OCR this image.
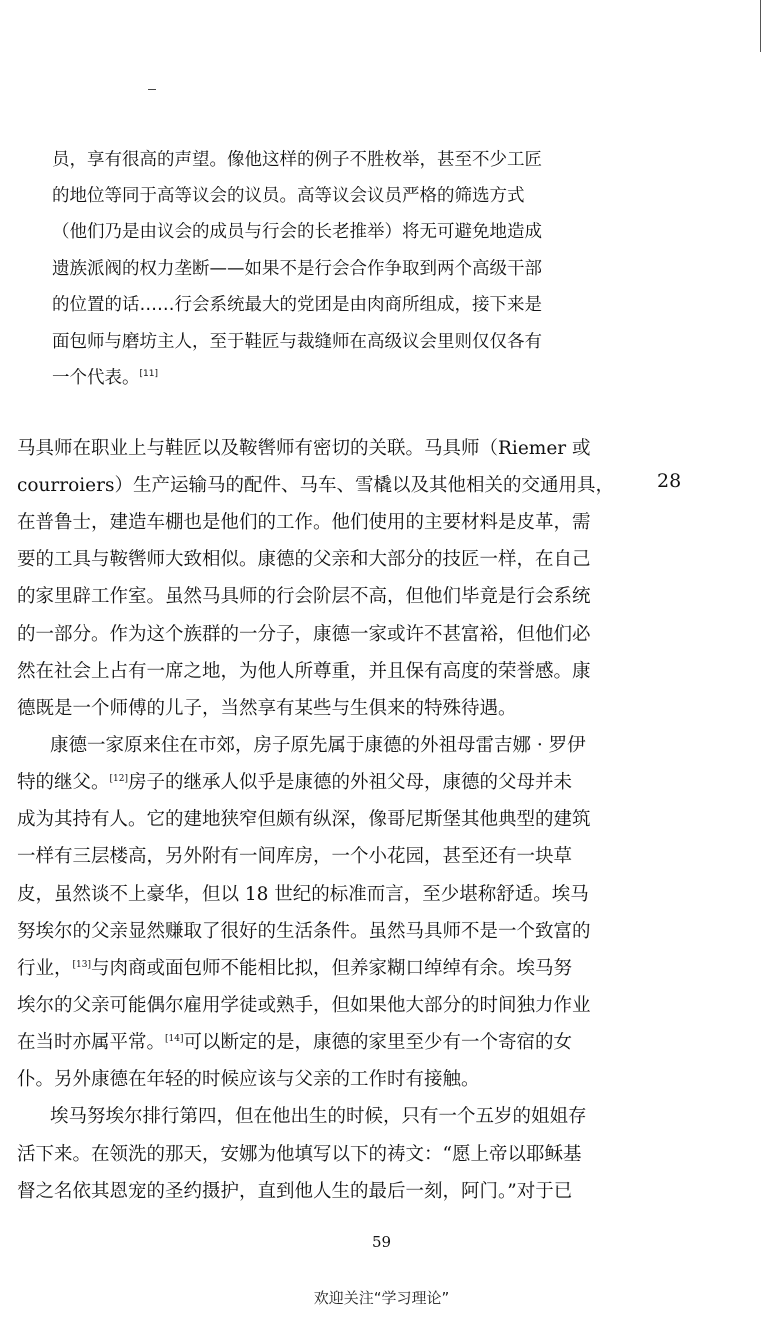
员，享有很高的声望。像他这样的例子不胜枚举，甚至不少工匠
的地位等同于高等议会的议员。高等议会议员严格的筛选方式
（他们乃是由议会的成员与行会的长老推举）将无可避免地造成
遗族派阀的权力垄断——如果不是行会合作争取到两个高级干部
的位置的话……行会系统最大的党团是由肉商所组成，接下来是
面包师与磨坊主人，至于鞋匠与裁缝师在高级议会里则仅仅各有
一个代表。[11]
28
马具师在职业上与鞋匠以及鞍辔师有密切的关联。马具师（Riemer 或
courroiers）生产运输马的配件、马车、雪橇以及其他相关的交通用具，
在普鲁士，建造车棚也是他们的工作。他们使用的主要材料是皮革，需
要的工具与鞍辔师大致相似。康德的父亲和大部分的技匠一样，在自己
的家里辟工作室。虽然马具师的行会阶层不高，但他们毕竟是行会系统
的一部分。作为这个族群的一分子，康德一家或许不甚富裕，但他们必
然在社会上占有一席之地，为他人所尊重，并且保有高度的荣誉感。康
德既是一个师傅的儿子，当然享有某些与生俱来的特殊待遇。
康德一家原来住在市郊，房子原先属于康德的外祖母雷吉娜 · 罗伊
特的继父。[12]房子的继承人似乎是康德的外祖父母，康德的父母并未
成为其持有人。它的建地狭窄但颇有纵深，像哥尼斯堡其他典型的建筑
一样有三层楼高，另外附有一间库房，一个小花园，甚至还有一块草
皮，虽然谈不上豪华，但以 18 世纪的标准而言，至少堪称舒适。埃马
努埃尔的父亲显然赚取了很好的生活条件。虽然马具师不是一个致富的
行业，[13]与肉商或面包师不能相比拟，但养家糊口绰绰有余。埃马努
埃尔的父亲可能偶尔雇用学徒或熟手，但如果他大部分的时间独力作业
在当时亦属平常。[14]可以断定的是，康德的家里至少有一个寄宿的女
仆。另外康德在年轻的时候应该与父亲的工作时有接触。
埃马努埃尔排行第四，但在他出生的时候，只有一个五岁的姐姐存
活下来。在领洗的那天，安娜为他填写以下的祷文：“愿上帝以耶稣基
督之名依其恩宠的圣约摄护，直到他人生的最后一刻，阿门。”对于已
59
欢迎关注“学习理论”
